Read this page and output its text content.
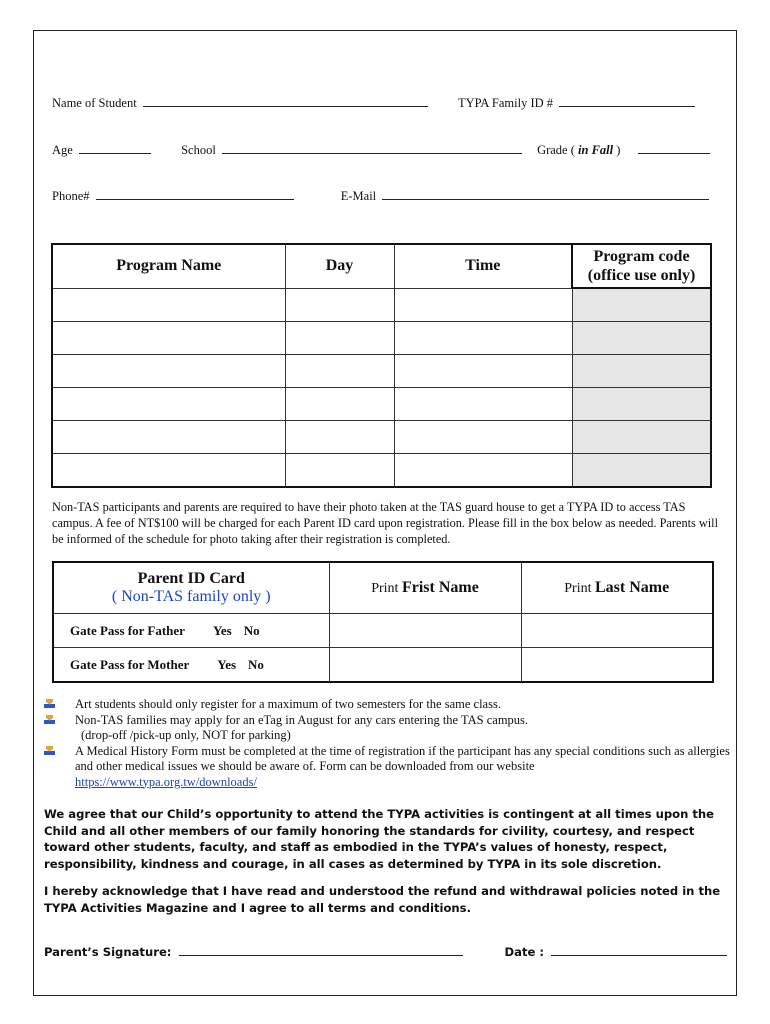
Name of Student	TYPA Family ID #
Age	School	Grade ( in Fall )
Phone#	E-Mail
Program Name	Day	Time	Program code
(office use only)

Non-TAS participants and parents are required to have their photo taken at the TAS guard house to get a TYPA ID to access TAS campus. A fee of NT$100 will be charged for each Parent ID card upon registration. Please fill in the box below as needed. Parents will be informed of the schedule for photo taking after their registration is completed.
Parent ID Card
( Non-TAS family only )	Print Frist Name	Print Last Name
Gate Pass for Father Yes No		
Gate Pass for Mother Yes No		
Art students should only register for a maximum of two semesters for the same class.
Non-TAS families may apply for an eTag in August for any cars entering the TAS campus.
(drop-off /pick-up only, NOT for parking)
A Medical History Form must be completed at the time of registration if the participant has any special conditions such as allergies and other medical issues we should be aware of. Form can be downloaded from our website
https://www.typa.org.tw/downloads/
We agree that our Child’s opportunity to attend the TYPA activities is contingent at all times upon the Child and all other members of our family honoring the standards for civility, courtesy, and respect toward other students, faculty, and staff as embodied in the TYPA’s values of honesty, respect, responsibility, kindness and courage, in all cases as determined by TYPA in its sole discretion.
I hereby acknowledge that I have read and understood the refund and withdrawal policies noted in the TYPA Activities Magazine and I agree to all terms and conditions.
Parent’s Signature:	Date :
